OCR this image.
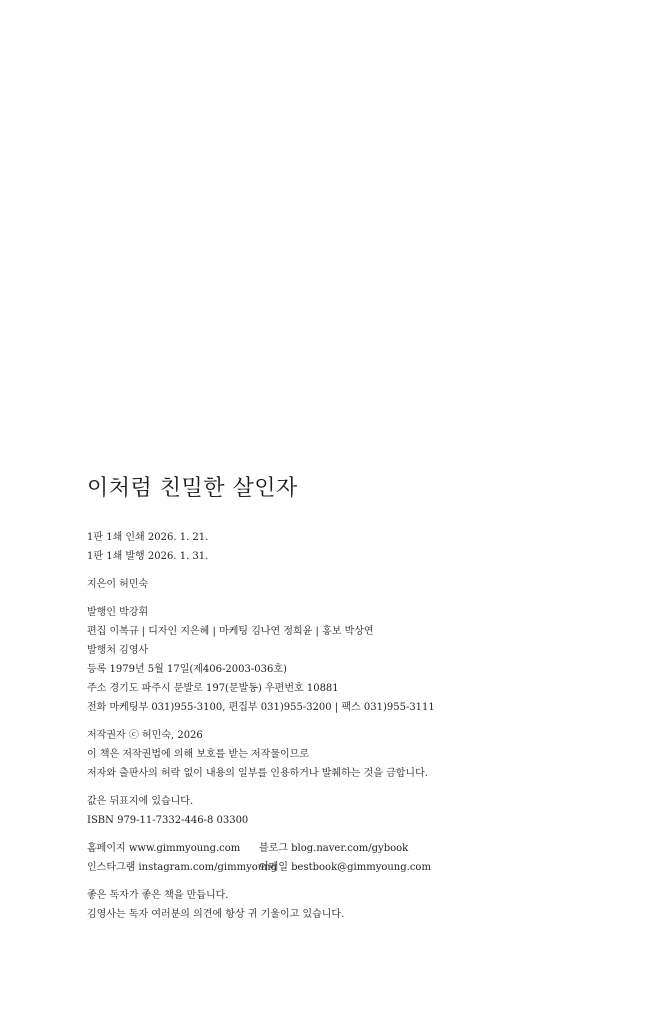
이처럼 친밀한 살인자
1판 1쇄 인쇄 2026. 1. 21.
1판 1쇄 발행 2026. 1. 31.
지은이 허민숙
발행인 박강휘
편집 이복규 | 디자인 지은혜 | 마케팅 김나연 정희윤 | 홍보 박상연
발행처 김영사
등록 1979년 5월 17일(제406-2003-036호)
주소 경기도 파주시 문발로 197(문발동) 우편번호 10881
전화 마케팅부 031)955-3100, 편집부 031)955-3200 | 팩스 031)955-3111
저작권자 ⓒ 허민숙, 2026
이 책은 저작권법에 의해 보호를 받는 저작물이므로
저자와 출판사의 허락 없이 내용의 일부를 인용하거나 발췌하는 것을 금합니다.
값은 뒤표지에 있습니다.
ISBN 979-11-7332-446-8 03300
홈페이지 www.gimmyoung.com	블로그 blog.naver.com/gybook
인스타그램 instagram.com/gimmyoung
이메일 bestbook@gimmyoung.com
좋은 독자가 좋은 책을 만듭니다.
김영사는 독자 여러분의 의견에 항상 귀 기울이고 있습니다.
